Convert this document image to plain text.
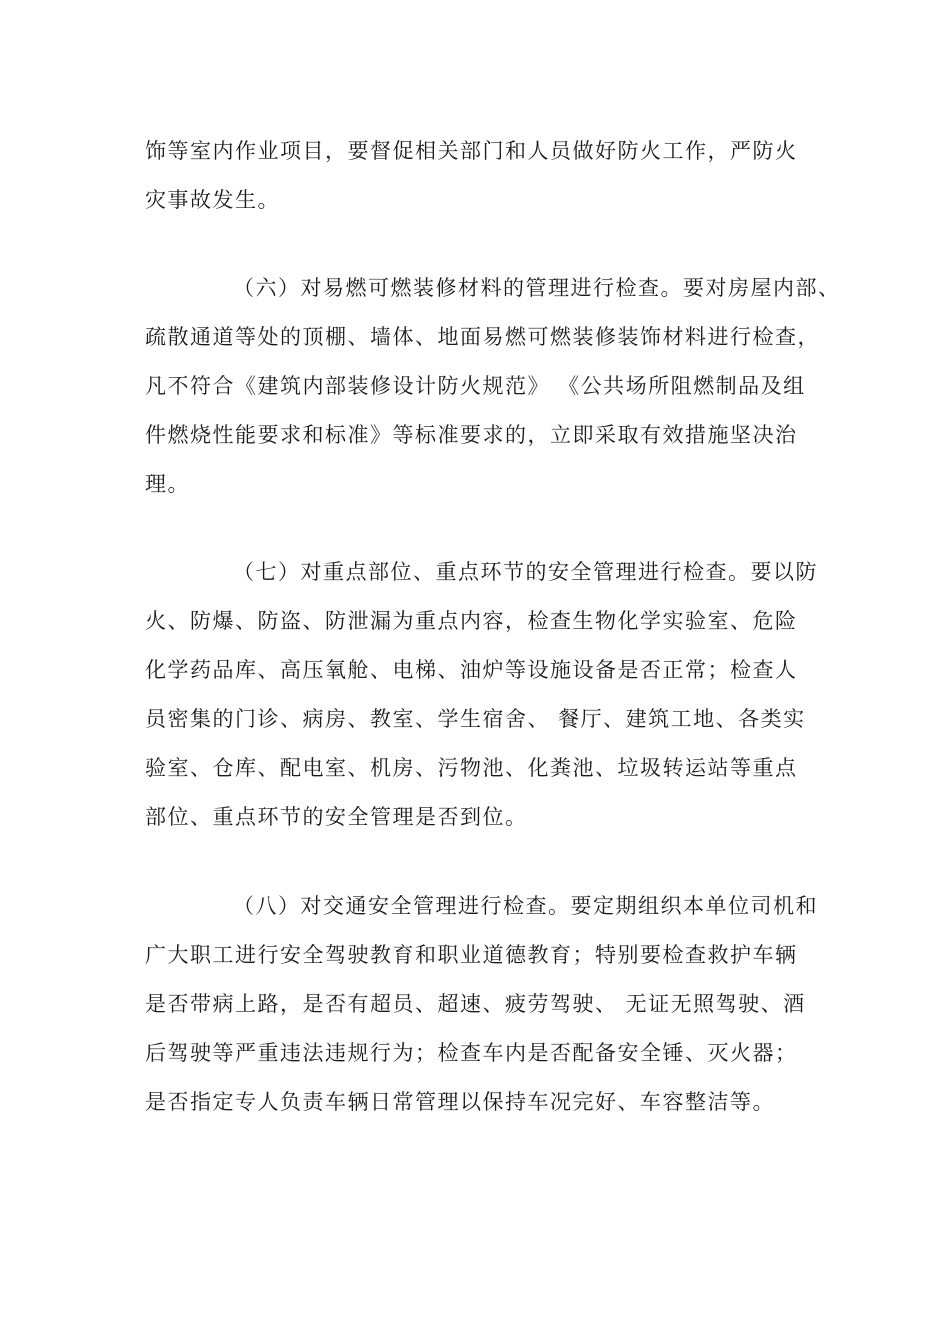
饰等室内作业项目，要督促相关部门和人员做好防火工作，严防火
灾事故发生。

（六）对易燃可燃装修材料的管理进行检查。要对房屋内部、
疏散通道等处的顶棚、墙体、地面易燃可燃装修装饰材料进行检查，
凡不符合《建筑内部装修设计防火规范》 《公共场所阻燃制品及组
件燃烧性能要求和标准》等标准要求的，立即采取有效措施坚决治
理。

（七）对重点部位、重点环节的安全管理进行检查。要以防
火、防爆、防盗、防泄漏为重点内容，检查生物化学实验室、危险
化学药品库、高压氧舱、电梯、油炉等设施设备是否正常；检查人
员密集的门诊、病房、教室、学生宿舍、 餐厅、建筑工地、各类实
验室、仓库、配电室、机房、污物池、化粪池、垃圾转运站等重点
部位、重点环节的安全管理是否到位。

（八）对交通安全管理进行检查。要定期组织本单位司机和
广大职工进行安全驾驶教育和职业道德教育；特别要检查救护车辆
是否带病上路，是否有超员、超速、疲劳驾驶、 无证无照驾驶、酒
后驾驶等严重违法违规行为；检查车内是否配备安全锤、灭火器；
是否指定专人负责车辆日常管理以保持车况完好、车容整洁等。
